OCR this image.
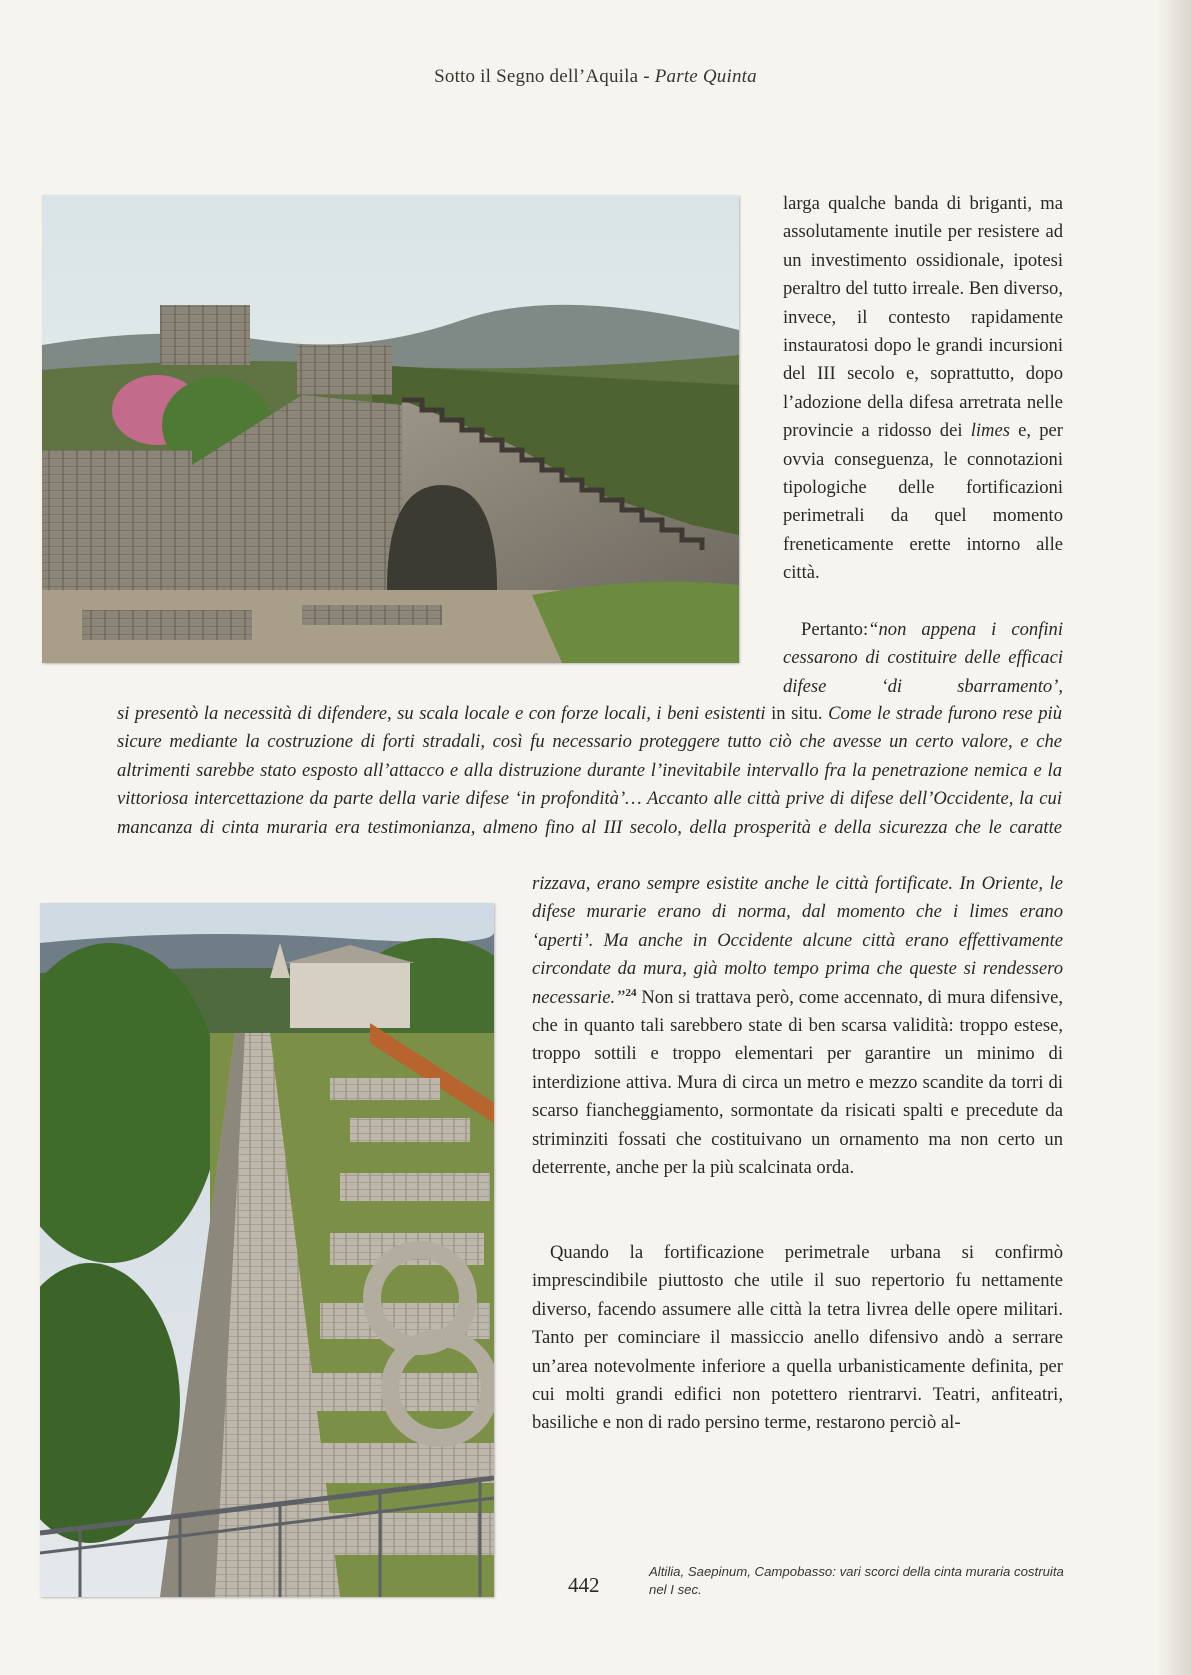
Sotto il Segno dell’Aquila - Parte Quinta

larga qualche banda di briganti, ma assolutamente inutile per resistere ad un investimento ossidionale, ipotesi peraltro del tutto irreale. Ben diverso, invece, il contesto rapidamente instauratosi dopo le grandi incursioni del III secolo e, soprattutto, dopo l’adozione della difesa arretrata nelle provincie a ridosso dei limes e, per ovvia conseguenza, le connotazioni tipologiche delle fortificazioni perimetrali da quel momento freneticamente erette intorno alle città.

Pertanto:“non appena i confini cessarono di costituire delle efficaci difese ‘di sbarramento’,

si presentò la necessità di difendere, su scala locale e con forze locali, i beni esistenti in situ. Come le strade furono rese più sicure mediante la costruzione di forti stradali, così fu necessario proteggere tutto ciò che avesse un certo valore, e che altrimenti sarebbe stato esposto all’attacco e alla distruzione durante l’inevitabile intervallo fra la penetrazione nemica e la vittoriosa intercettazione da parte della varie difese ‘in profondità’… Accanto alle città prive di difese dell’Occidente, la cui mancanza di cinta muraria era testimonianza, almeno fino al III secolo, della prosperità e della sicurezza che le caratte

rizzava, erano sempre esistite anche le città fortificate. In Oriente, le difese murarie erano di norma, dal momento che i limes erano ‘aperti’. Ma anche in Occidente alcune città erano effettivamente circondate da mura, già molto tempo prima che queste si rendessero necessarie.”$^{24}$ Non si trattava però, come accennato, di mura difensive, che in quanto tali sarebbero state di ben scarsa validità: troppo estese, troppo sottili e troppo elementari per garantire un minimo di interdizione attiva. Mura di circa un metro e mezzo scandite da torri di scarso fiancheggiamento, sormontate da risicati spalti e precedute da striminziti fossati che costituivano un ornamento ma non certo un deterrente, anche per la più scalcinata orda.

Quando la fortificazione perimetrale urbana si confirmò imprescindibile piuttosto che utile il suo repertorio fu nettamente diverso, facendo assumere alle città la tetra livrea delle opere militari. Tanto per cominciare il massiccio anello difensivo andò a serrare un’area notevolmente inferiore a quella urbanisticamente definita, per cui molti grandi edifici non potettero rientrarvi. Teatri, anfiteatri, basiliche e non di rado persino terme, restarono perciò al-

442
Altilia, Saepinum, Campobasso: vari scorci della cinta muraria costruita nel I sec.
